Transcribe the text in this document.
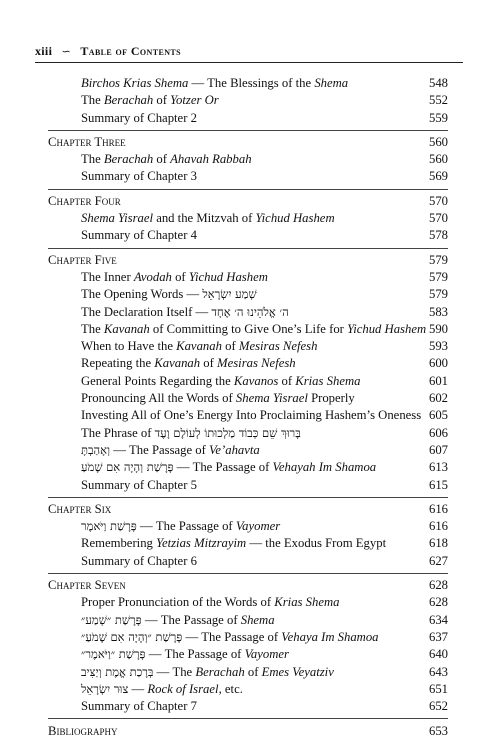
xiii ∽ Table of Contents
Birchos Krias Shema — The Blessings of the Shema	548
The Berachah of Yotzer Or	552
Summary of Chapter 2	559
Chapter Three	560
The Berachah of Ahavah Rabbah	560
Summary of Chapter 3	569
Chapter Four	570
Shema Yisrael and the Mitzvah of Yichud Hashem	570
Summary of Chapter 4	578
Chapter Five	579
The Inner Avodah of Yichud Hashem	579
The Opening Words — שְׁמַע יִשְׂרָאֵל	579
The Declaration Itself — ה׳ אֱלֹהֵינוּ ה׳ אֶחָד	583
The Kavanah of Committing to Give One’s Life for Yichud Hashem 590
When to Have the Kavanah of Mesiras Nefesh	593
Repeating the Kavanah of Mesiras Nefesh	600
General Points Regarding the Kavanos of Krias Shema	601
Pronouncing All the Words of Shema Yisrael Properly	602
Investing All of One’s Energy Into Proclaiming Hashem’s Oneness 605
The Phrase of בָּרוּךְ שֵׁם כְּבוֹד מַלְכוּתוֹ לְעוֹלָם וָעֶד	606
וְאָהַבְתָּ — The Passage of Ve’ahavta	607
פָּרָשַׁת וְהָיָה אִם שָׁמֹעַ — The Passage of Vehayah Im Shamoa	613
Summary of Chapter 5	615
Chapter Six	616
פָּרָשַׁת וַיֹּאמֶר — The Passage of Vayomer	616
Remembering Yetzias Mitzrayim — the Exodus From Egypt	618
Summary of Chapter 6	627
Chapter Seven	628
Proper Pronunciation of the Words of Krias Shema	628
פָּרָשַׁת ״שְׁמַע״ — The Passage of Shema	634
פָּרָשַׁת ״וְהָיָה אִם שָׁמֹעַ״ — The Passage of Vehaya Im Shamoa	637
פָּרָשַׁת ״וַיֹּאמֶר״ — The Passage of Vayomer	640
בְּרָכַת אֱמֶת וְיַצִּיב — The Berachah of Emes Veyatziv	643
צוּר יִשְׂרָאֵל — Rock of Israel, etc.	651
Summary of Chapter 7	652
Bibliography	653
